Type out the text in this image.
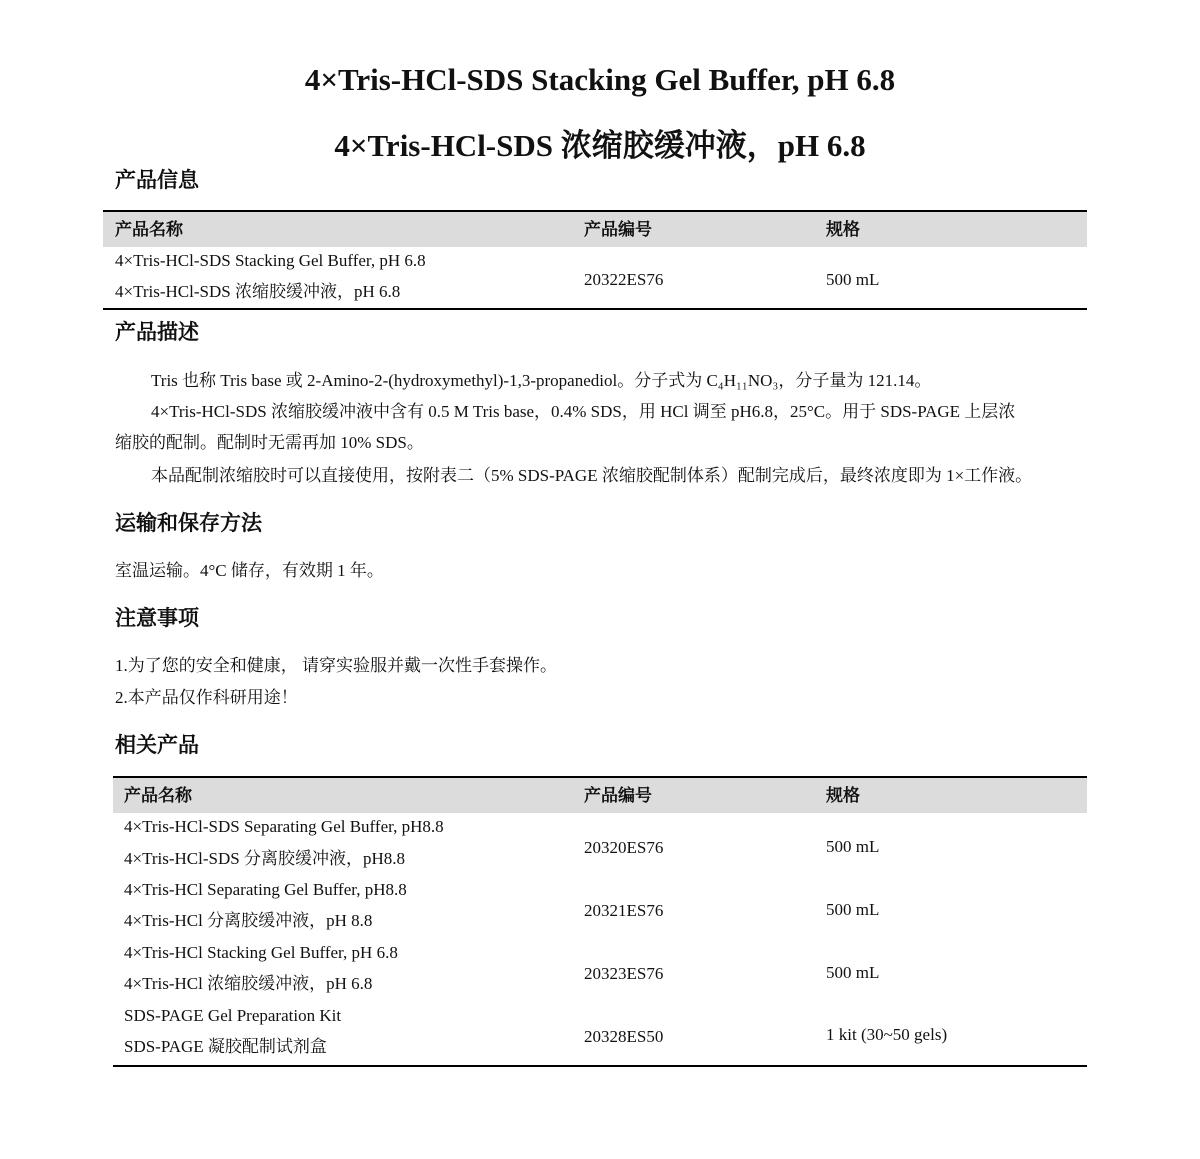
4×Tris-HCl-SDS Stacking Gel Buffer, pH 6.8
4×Tris-HCl-SDS 浓缩胶缓冲液，pH 6.8
产品信息
产品名称	产品编号	规格
4×Tris-HCl-SDS Stacking Gel Buffer, pH 6.8
4×Tris-HCl-SDS 浓缩胶缓冲液，pH 6.8
20322ES76	500 mL
产品描述

Tris 也称 Tris base 或 2-Amino-2-(hydroxymethyl)-1,3-propanediol。分子式为 C₄H₁₁NO₃，分子量为 121.14。

4×Tris-HCl-SDS 浓缩胶缓冲液中含有 0.5 M Tris base，0.4% SDS，用 HCl 调至 pH6.8，25°C。用于 SDS-PAGE 上层浓

缩胶的配制。配制时无需再加 10% SDS。

本品配制浓缩胶时可以直接使用，按附表二（5% SDS-PAGE 浓缩胶配制体系）配制完成后，最终浓度即为 1×工作液。

运输和保存方法

室温运输。4°C 储存，有效期 1 年。

注意事项

1.为了您的安全和健康， 请穿实验服并戴一次性手套操作。

2.本产品仅作科研用途！

相关产品
产品名称	产品编号	规格
4×Tris-HCl-SDS Separating Gel Buffer, pH8.8
4×Tris-HCl-SDS 分离胶缓冲液，pH8.8
20320ES76	500 mL
4×Tris-HCl Separating Gel Buffer, pH8.8
4×Tris-HCl 分离胶缓冲液，pH 8.8
20321ES76	500 mL
4×Tris-HCl Stacking Gel Buffer, pH 6.8
4×Tris-HCl 浓缩胶缓冲液，pH 6.8
20323ES76	500 mL
SDS-PAGE Gel Preparation Kit
SDS-PAGE 凝胶配制试剂盒
20328ES50	1 kit (30~50 gels)
